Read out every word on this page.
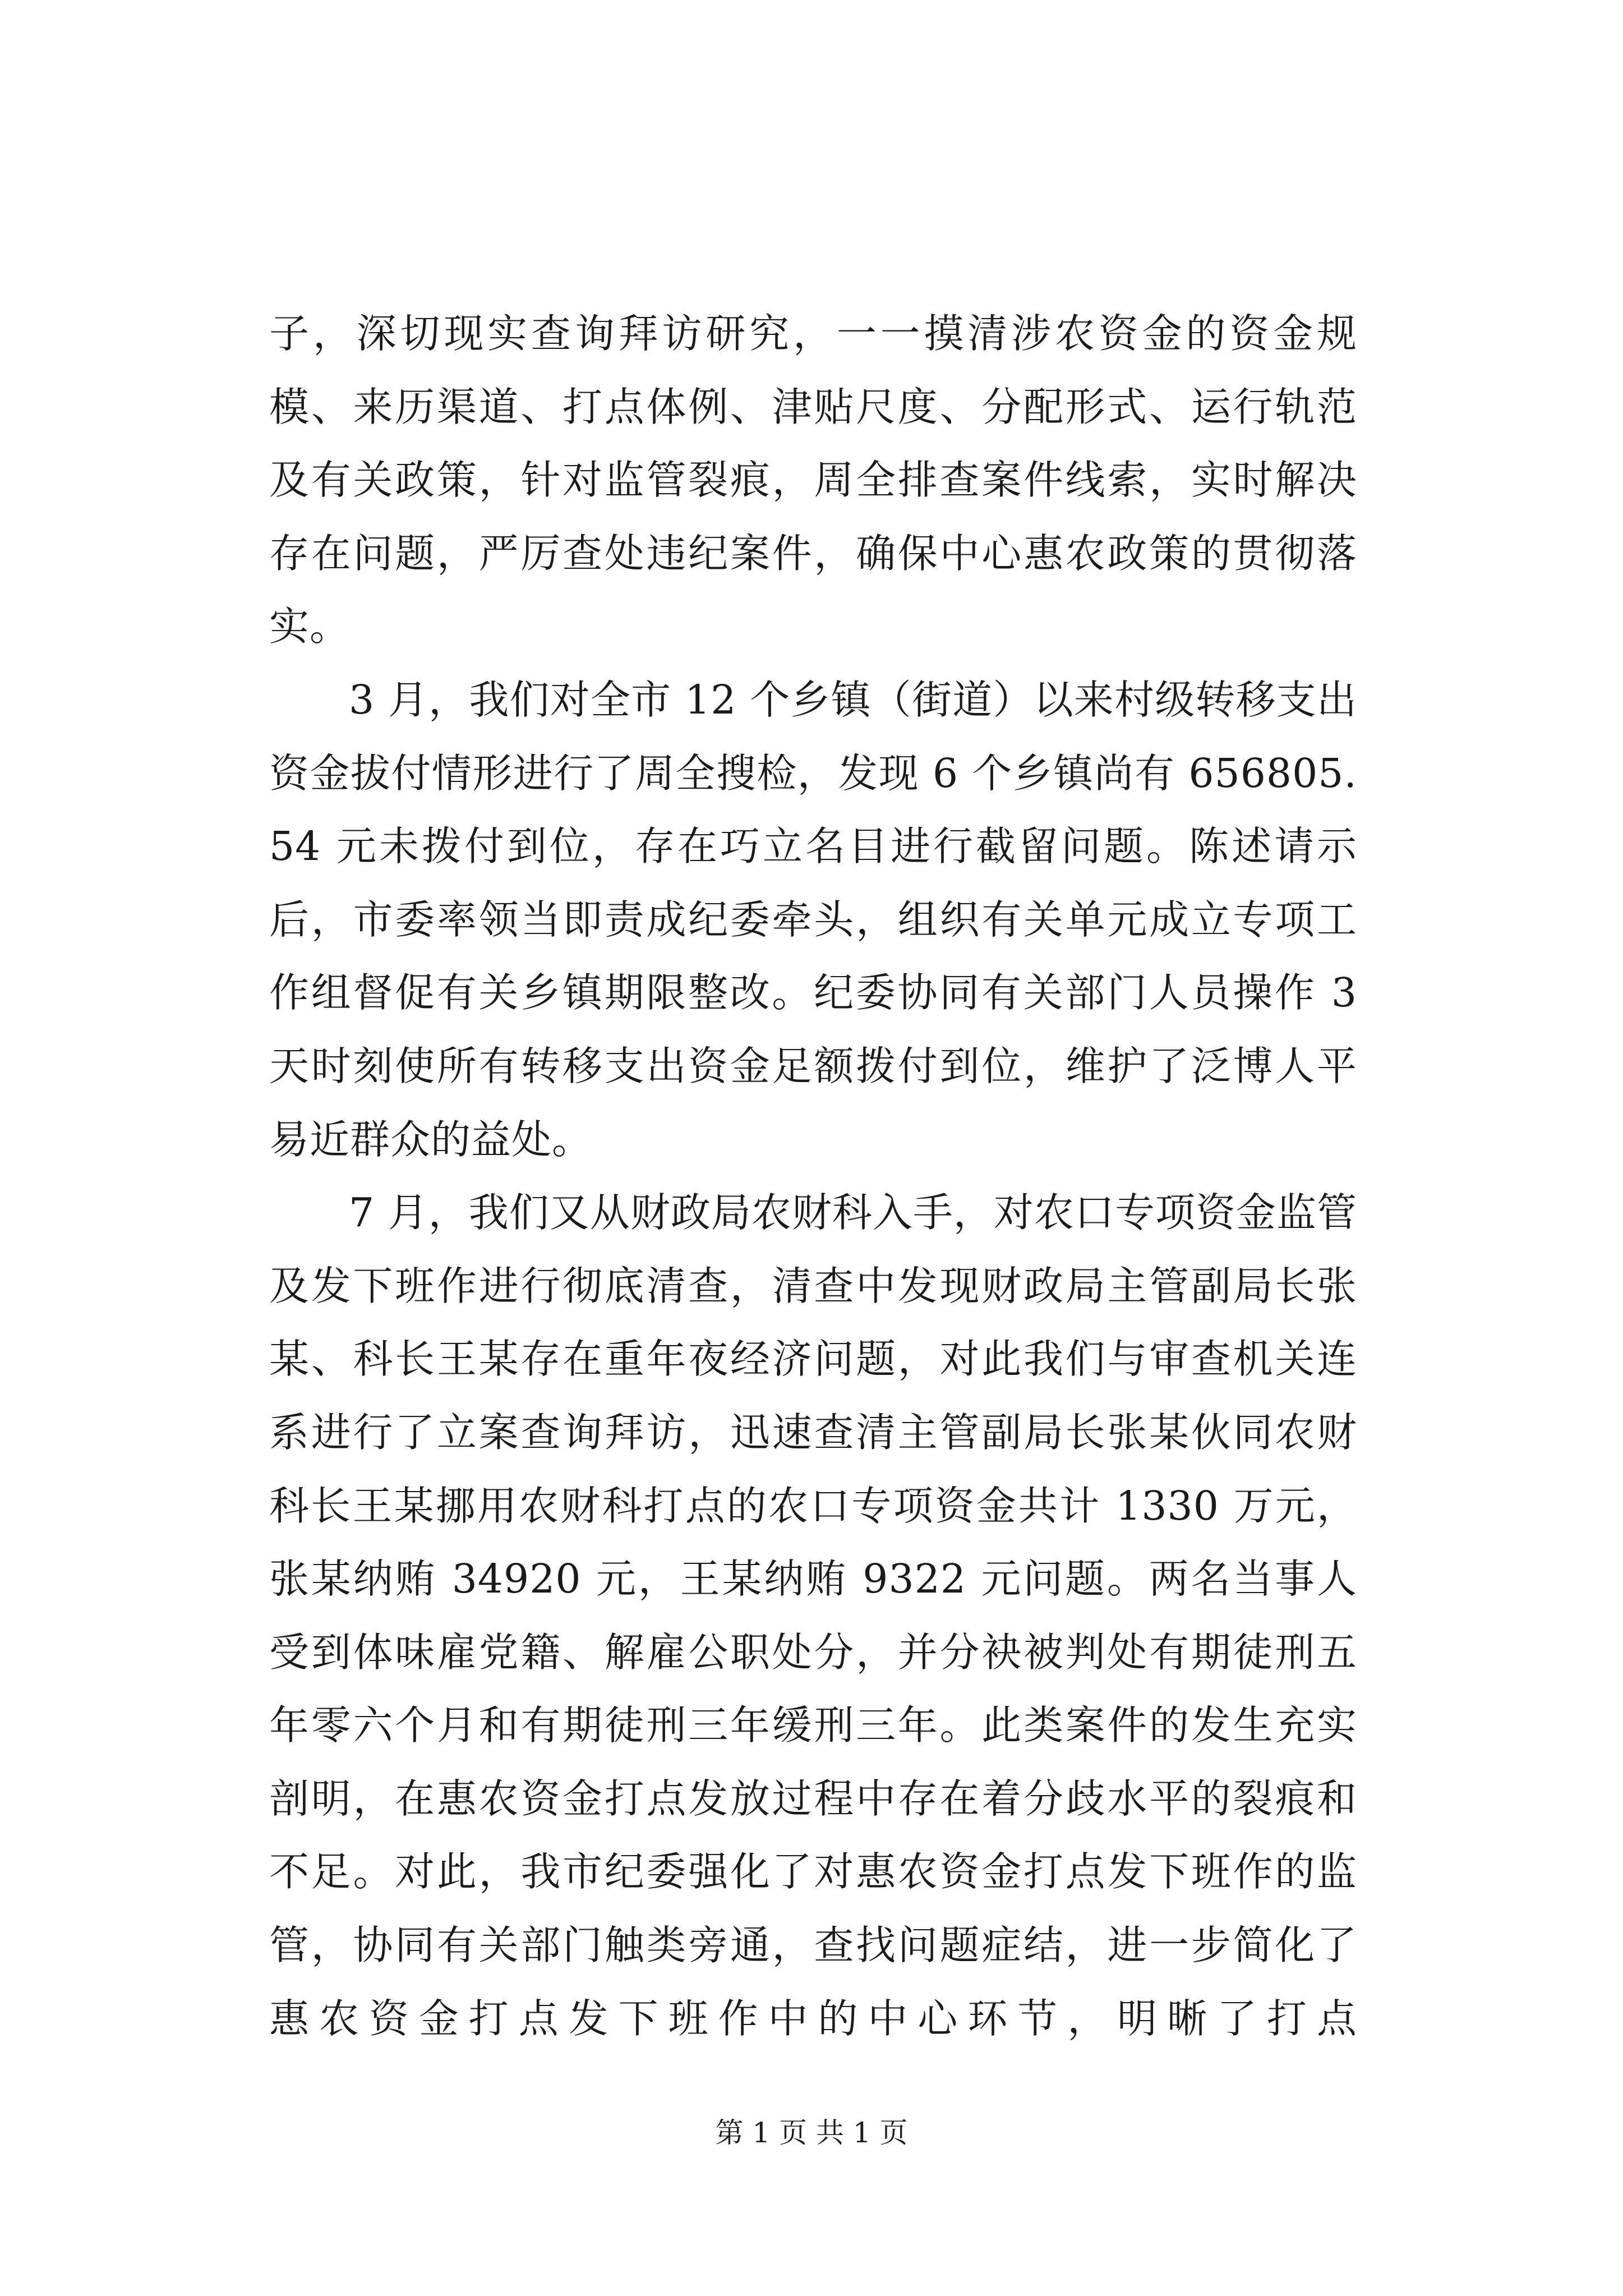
子，深切现实查询拜访研究，一一摸清涉农资金的资金规模、来历渠道、打点体例、津贴尺度、分配形式、运行轨范及有关政策，针对监管裂痕，周全排查案件线索，实时解决存在问题，严厉查处违纪案件，确保中心惠农政策的贯彻落实。

3 月，我们对全市 12 个乡镇（街道）以来村级转移支出资金拔付情形进行了周全搜检，发现 6 个乡镇尚有 656805.54 元未拨付到位，存在巧立名目进行截留问题。陈述请示后，市委率领当即责成纪委牵头，组织有关单元成立专项工作组督促有关乡镇期限整改。纪委协同有关部门人员操作 3 天时刻使所有转移支出资金足额拨付到位，维护了泛博人平易近群众的益处。

7 月，我们又从财政局农财科入手，对农口专项资金监管及发下班作进行彻底清查，清查中发现财政局主管副局长张某、科长王某存在重年夜经济问题，对此我们与审查机关连系进行了立案查询拜访，迅速查清主管副局长张某伙同农财科长王某挪用农财科打点的农口专项资金共计 1330 万元，张某纳贿 34920 元，王某纳贿 9322 元问题。两名当事人受到体味雇党籍、解雇公职处分，并分袂被判处有期徒刑五年零六个月和有期徒刑三年缓刑三年。此类案件的发生充实剖明，在惠农资金打点发放过程中存在着分歧水平的裂痕和不足。对此，我市纪委强化了对惠农资金打点发下班作的监管，协同有关部门触类旁通，查找问题症结，进一步简化了惠农资金打点发下班作中的中心环节，明晰了打点

第 1 页 共 1 页
